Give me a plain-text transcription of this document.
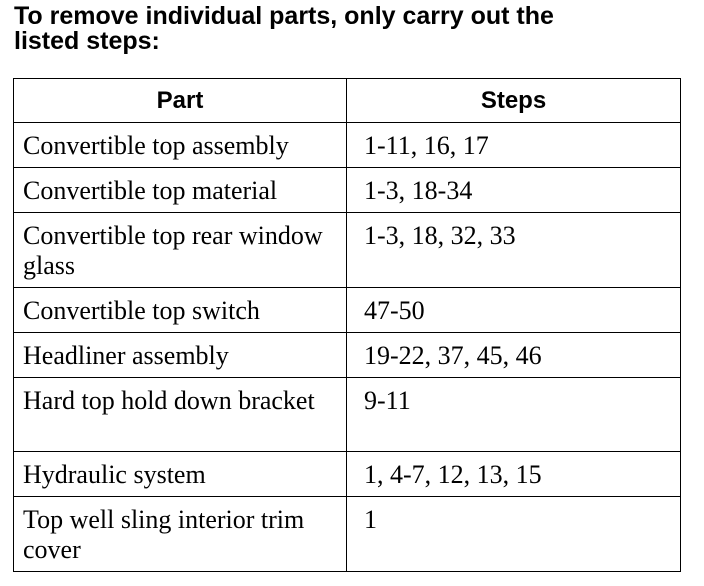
To remove individual parts, only carry out the
listed steps:
Part	Steps
Convertible top assembly	1-11, 16, 17
Convertible top material	1-3, 18-34
Convertible top rear window glass	1-3, 18, 32, 33
Convertible top switch	47-50
Headliner assembly	19-22, 37, 45, 46
Hard top hold down bracket	9-11
Hydraulic system	1, 4-7, 12, 13, 15
Top well sling interior trim cover	1
